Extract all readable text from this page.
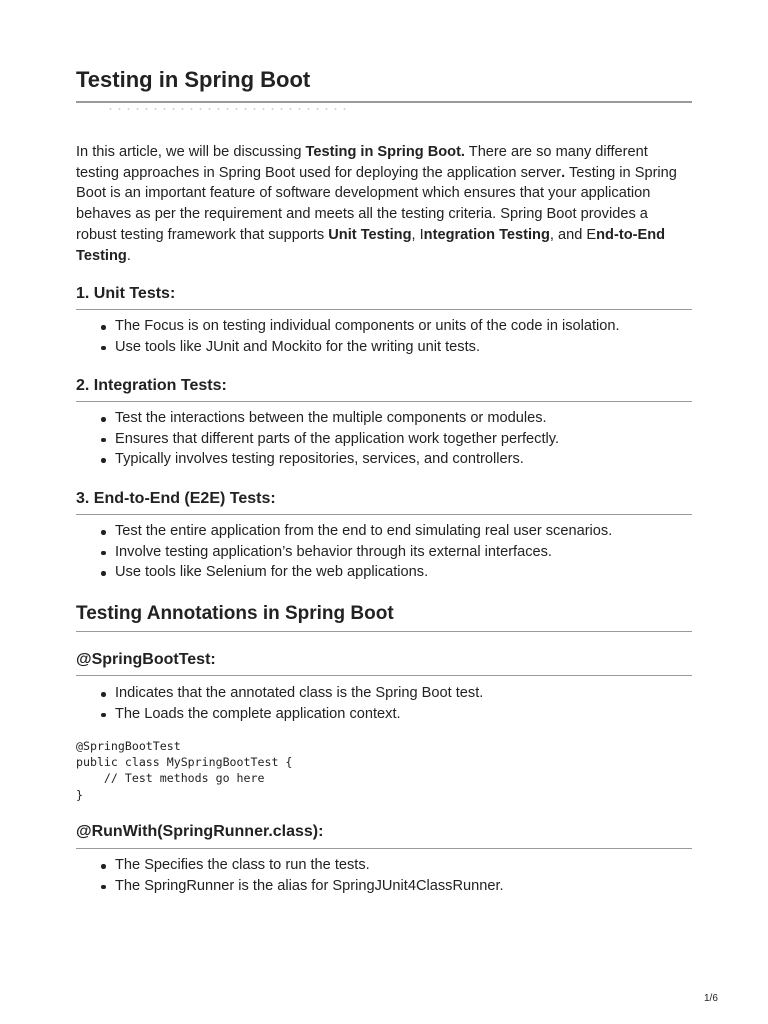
Testing in Spring Boot

In this article, we will be discussing Testing in Spring Boot. There are so many different testing approaches in Spring Boot used for deploying the application server. Testing in Spring Boot is an important feature of software development which ensures that your application behaves as per the requirement and meets all the testing criteria. Spring Boot provides a robust testing framework that supports Unit Testing, Integration Testing, and End-to-End Testing.

1. Unit Tests:
The Focus is on testing individual components or units of the code in isolation.
Use tools like JUnit and Mockito for the writing unit tests.
2. Integration Tests:
Test the interactions between the multiple components or modules.
Ensures that different parts of the application work together perfectly.
Typically involves testing repositories, services, and controllers.
3. End-to-End (E2E) Tests:
Test the entire application from the end to end simulating real user scenarios.
Involve testing application’s behavior through its external interfaces.
Use tools like Selenium for the web applications.
Testing Annotations in Spring Boot
@SpringBootTest:
Indicates that the annotated class is the Spring Boot test.
The Loads the complete application context.
@SpringBootTest
public class MySpringBootTest {
// Test methods go here
}
@RunWith(SpringRunner.class):
The Specifies the class to run the tests.
The SpringRunner is the alias for SpringJUnit4ClassRunner.
1/6
